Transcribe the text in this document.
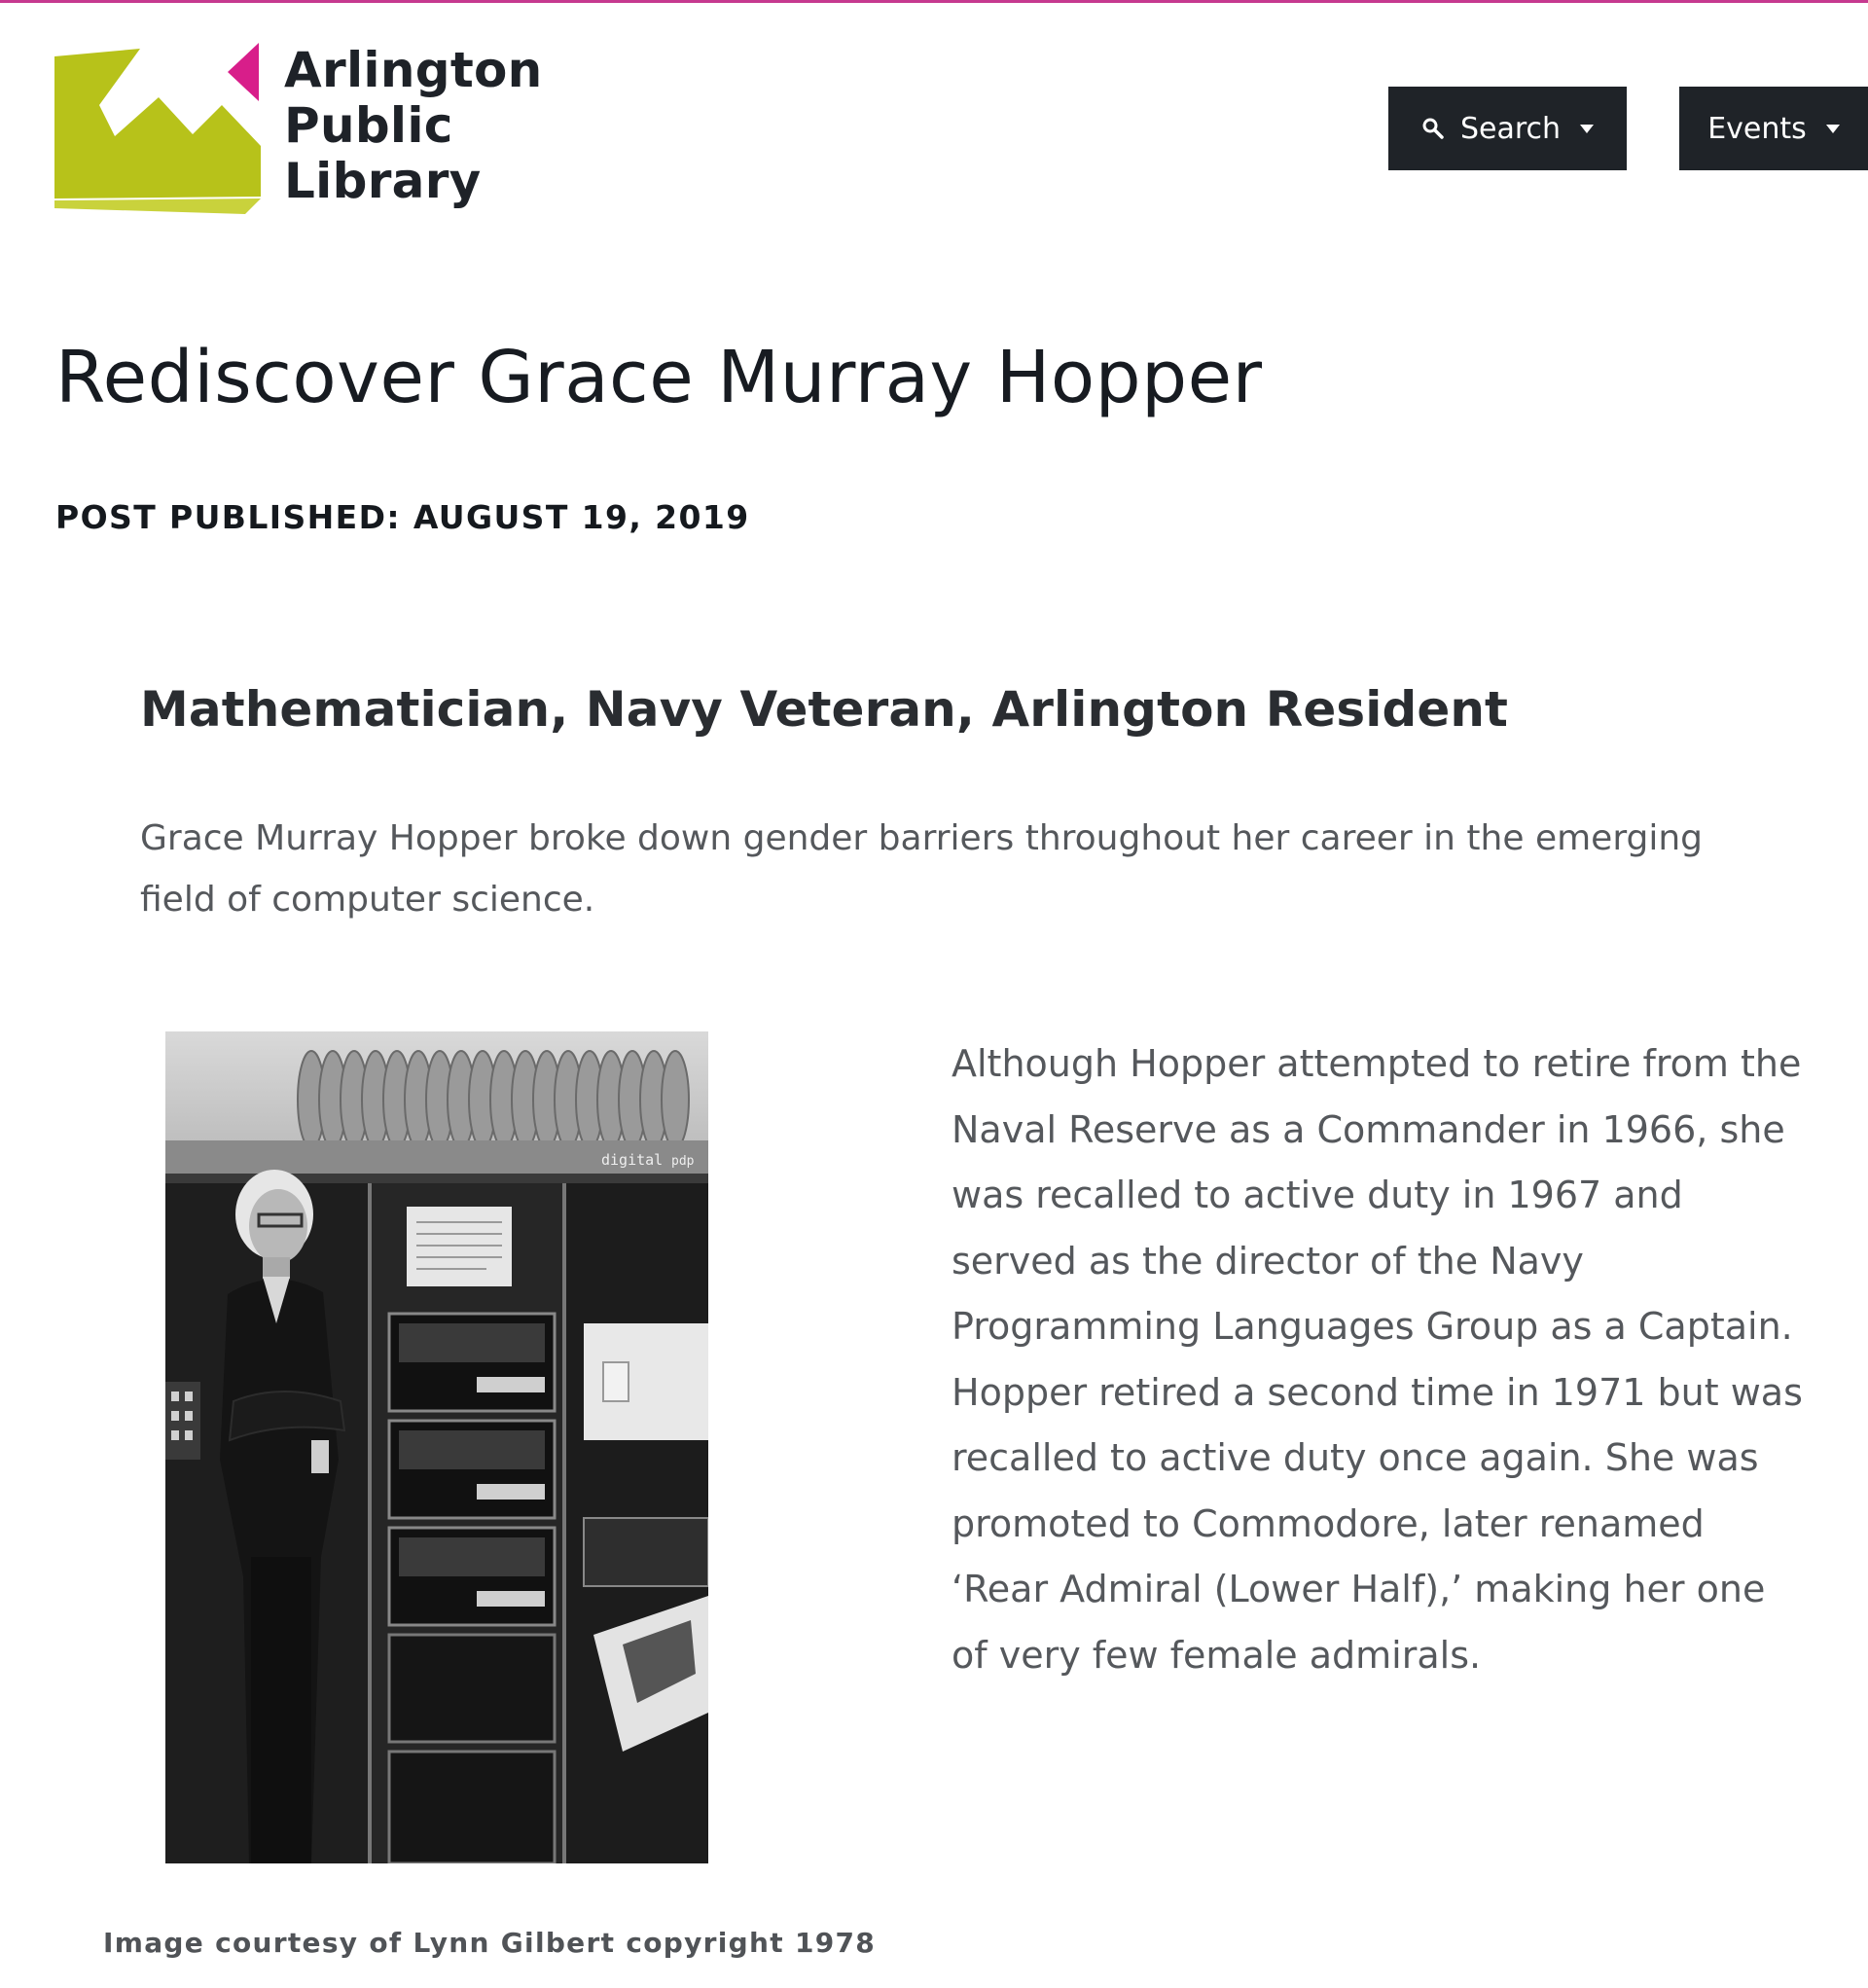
Arlington
Public
Library
Search	Events
Rediscover Grace Murray Hopper
POST PUBLISHED: AUGUST 19, 2019
Mathematician, Navy Veteran, Arlington Resident

Grace Murray Hopper broke down gender barriers throughout her career in the emerging field of computer science.

digital pdp

Although Hopper attempted to retire from the Naval Reserve as a Commander in 1966, she was recalled to active duty in 1967 and served as the director of the Navy Programming Languages Group as a Captain. Hopper retired a second time in 1971 but was recalled to active duty once again. She was promoted to Commodore, later renamed ‘Rear Admiral (Lower Half),’ making her one of very few female admirals.

Image courtesy of Lynn Gilbert copyright 1978
